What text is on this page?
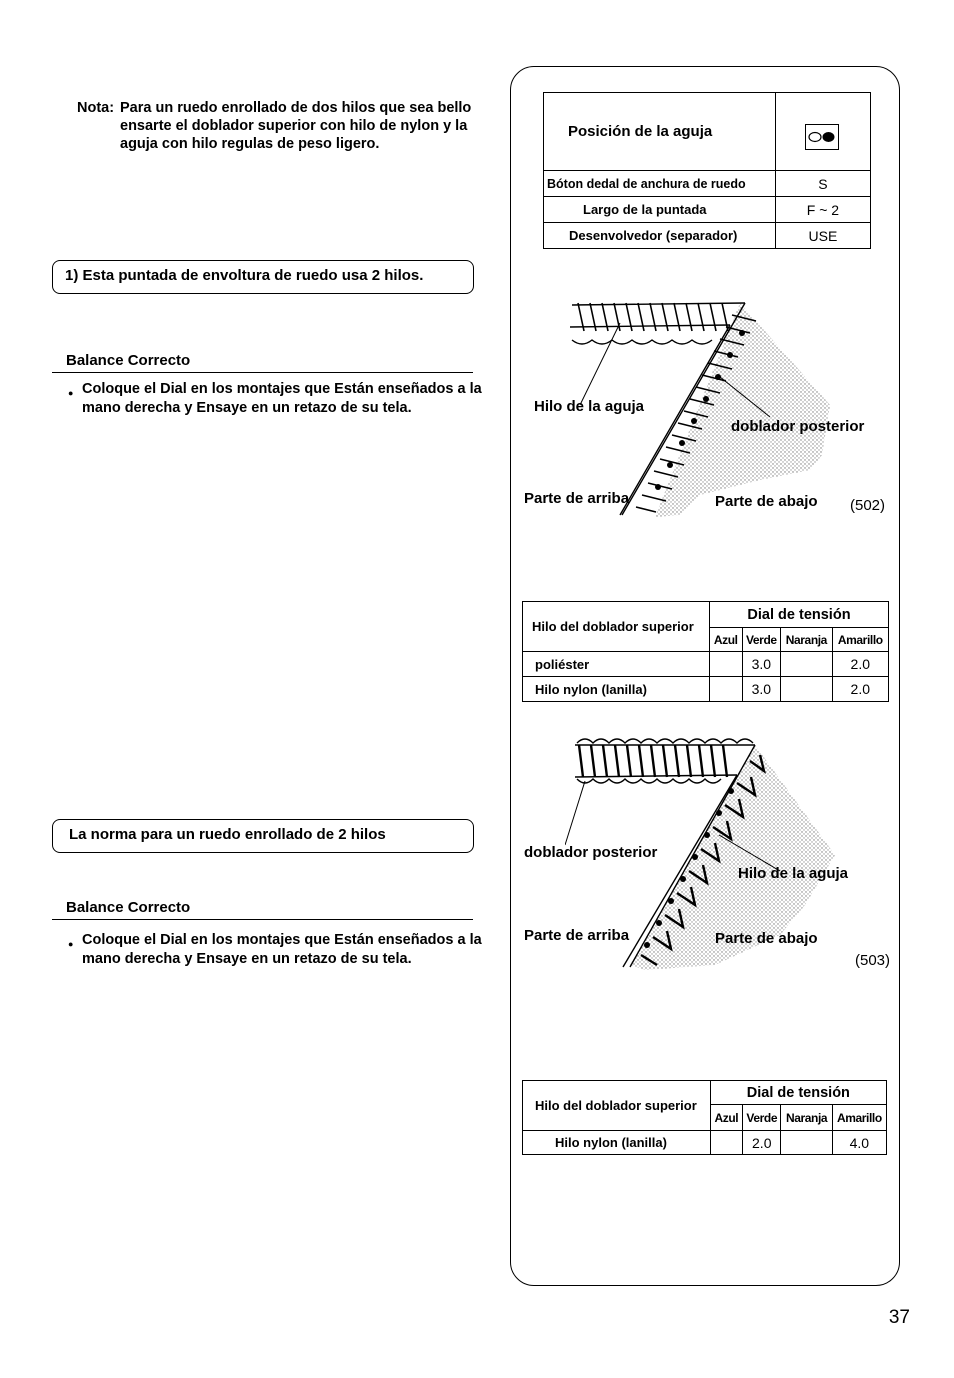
Nota: Para un ruedo enrollado de dos hilos que sea bello
ensarte el doblador superior con hilo de nylon y la
aguja con hilo regulas de peso ligero.
1) Esta puntada de envoltura de ruedo usa 2 hilos.
Balance Correcto
● Coloque el Dial en los montajes que Están enseñados a la
mano derecha y Ensaye en un retazo de su tela.
La norma para un ruedo enrollado de 2 hilos
Balance Correcto
● Coloque el Dial en los montajes que Están enseñados a la
mano derecha y Ensaye en un retazo de su tela.
Posición de la aguja	

Bóton dedal de anchura de ruedo	S
Largo de la puntada	F ~ 2
Desenvolvedor (separador)	USE
Hilo de la aguja
doblador posterior
Parte de arriba	Parte de abajo (502)
Hilo del doblador superior	Dial de tensión			
	Azul	Verde	Naranja	Amarillo
poliéster		3.0		2.0
Hilo nylon (lanilla)		3.0		2.0
doblador posterior
Hilo de la aguja
Parte de arriba	Parte de abajo
(503)
Hilo del doblador superior	Dial de tensión			
	Azul	Verde	Naranja	Amarillo
Hilo nylon (lanilla)		2.0		4.0
37
